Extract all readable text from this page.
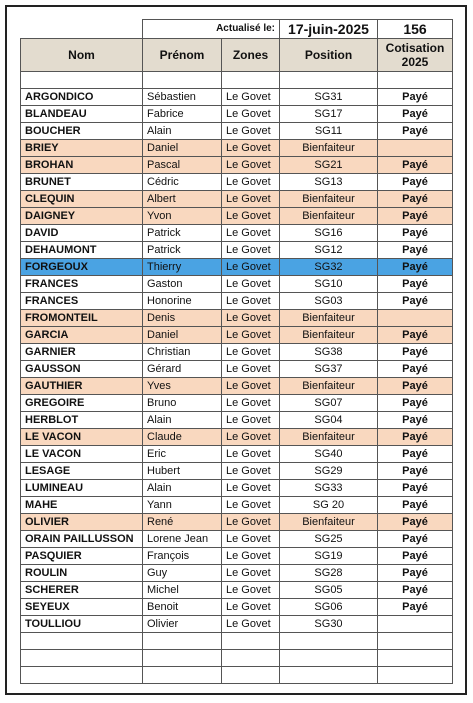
	Actualisé le:		17-juin-2025	156
Nom	Prénom	Zones	Position	Cotisation
2025

ARGONDICO	Sébastien	Le Govet	SG31	Payé
BLANDEAU	Fabrice	Le Govet	SG17	Payé
BOUCHER	Alain	Le Govet	SG11	Payé
BRIEY	Daniel	Le Govet	Bienfaiteur	
BROHAN	Pascal	Le Govet	SG21	Payé
BRUNET	Cédric	Le Govet	SG13	Payé
CLEQUIN	Albert	Le Govet	Bienfaiteur	Payé
DAIGNEY	Yvon	Le Govet	Bienfaiteur	Payé
DAVID	Patrick	Le Govet	SG16	Payé
DEHAUMONT	Patrick	Le Govet	SG12	Payé
FORGEOUX	Thierry	Le Govet	SG32	Payé
FRANCES	Gaston	Le Govet	SG10	Payé
FRANCES	Honorine	Le Govet	SG03	Payé
FROMONTEIL	Denis	Le Govet	Bienfaiteur	
GARCIA	Daniel	Le Govet	Bienfaiteur	Payé
GARNIER	Christian	Le Govet	SG38	Payé
GAUSSON	Gérard	Le Govet	SG37	Payé
GAUTHIER	Yves	Le Govet	Bienfaiteur	Payé
GREGOIRE	Bruno	Le Govet	SG07	Payé
HERBLOT	Alain	Le Govet	SG04	Payé
LE VACON	Claude	Le Govet	Bienfaiteur	Payé
LE VACON	Eric	Le Govet	SG40	Payé
LESAGE	Hubert	Le Govet	SG29	Payé
LUMINEAU	Alain	Le Govet	SG33	Payé
MAHE	Yann	Le Govet	SG 20	Payé
OLIVIER	René	Le Govet	Bienfaiteur	Payé
ORAIN PAILLUSSON	Lorene Jean	Le Govet	SG25	Payé
PASQUIER	François	Le Govet	SG19	Payé
ROULIN	Guy	Le Govet	SG28	Payé
SCHERER	Michel	Le Govet	SG05	Payé
SEYEUX	Benoit	Le Govet	SG06	Payé
TOULLIOU	Olivier	Le Govet	SG30	
